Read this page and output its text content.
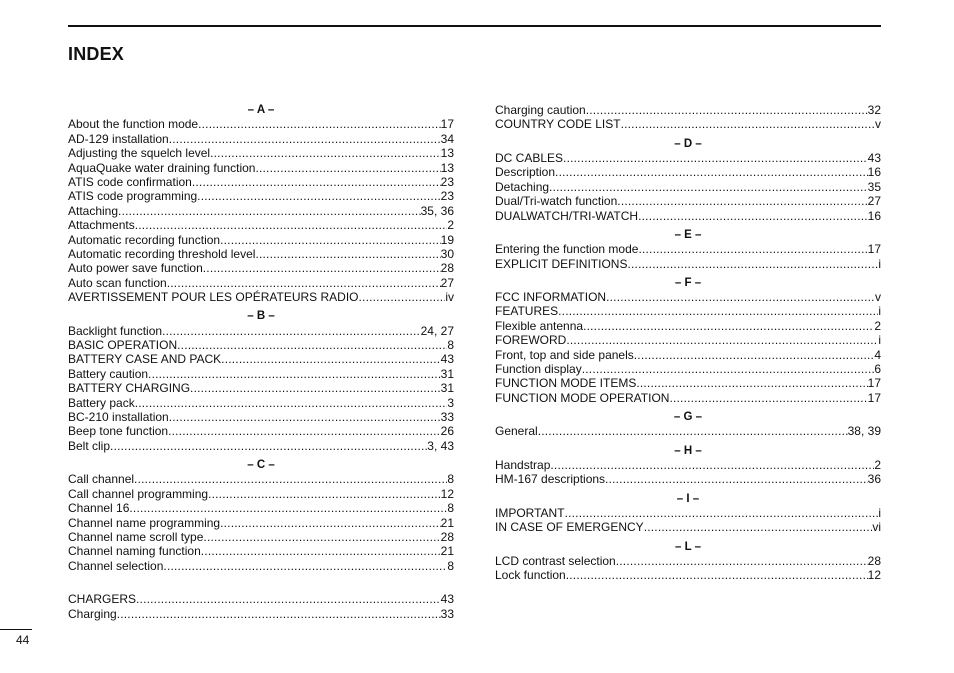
INDEX
– A –
About the function mode .....	17
AD-129 installation .....	34
Adjusting the squelch level .....	13
AquaQuake water draining function .....	13
ATIS code confirmation .....	23
ATIS code programming .....	23
Attaching .....	35, 36
Attachments .....	2
Automatic recording function .....	19
Automatic recording threshold level .....	30
Auto power save function .....	28
Auto scan function .....	27
AVERTISSEMENT POUR LES OPÉRATEURS RADIO .....	iv
– B –
Backlight function .....	24, 27
BASIC OPERATION .....	8
BATTERY CASE AND PACK .....	43
Battery caution .....	31
BATTERY CHARGING .....	31
Battery pack .....	3
BC-210 installation .....	33
Beep tone function .....	26
Belt clip .....	3, 43
– C –
Call channel .....	8
Call channel programming .....	12
Channel 16 .....	8
Channel name programming .....	21
Channel name scroll type .....	28
Channel naming function .....	21
Channel selection .....	8
CHARGERS .....	43
Charging .....	33
Charging caution .....	32
COUNTRY CODE LIST .....	v
– D –
DC CABLES .....	43
Description .....	16
Detaching .....	35
Dual/Tri-watch function .....	27
DUALWATCH/TRI-WATCH .....	16
– E –
Entering the function mode .....	17
EXPLICIT DEFINITIONS .....	i
– F –
FCC INFORMATION .....	v
FEATURES .....	i
Flexible antenna .....	2
FOREWORD .....	i
Front, top and side panels .....	4
Function display .....	6
FUNCTION MODE ITEMS .....	17
FUNCTION MODE OPERATION .....	17
– G –
General .....	38, 39
– H –
Handstrap .....	2
HM-167 descriptions .....	36
– I –
IMPORTANT .....	i
IN CASE OF EMERGENCY .....	vi
– L –
LCD contrast selection .....	28
Lock function .....	12
44
